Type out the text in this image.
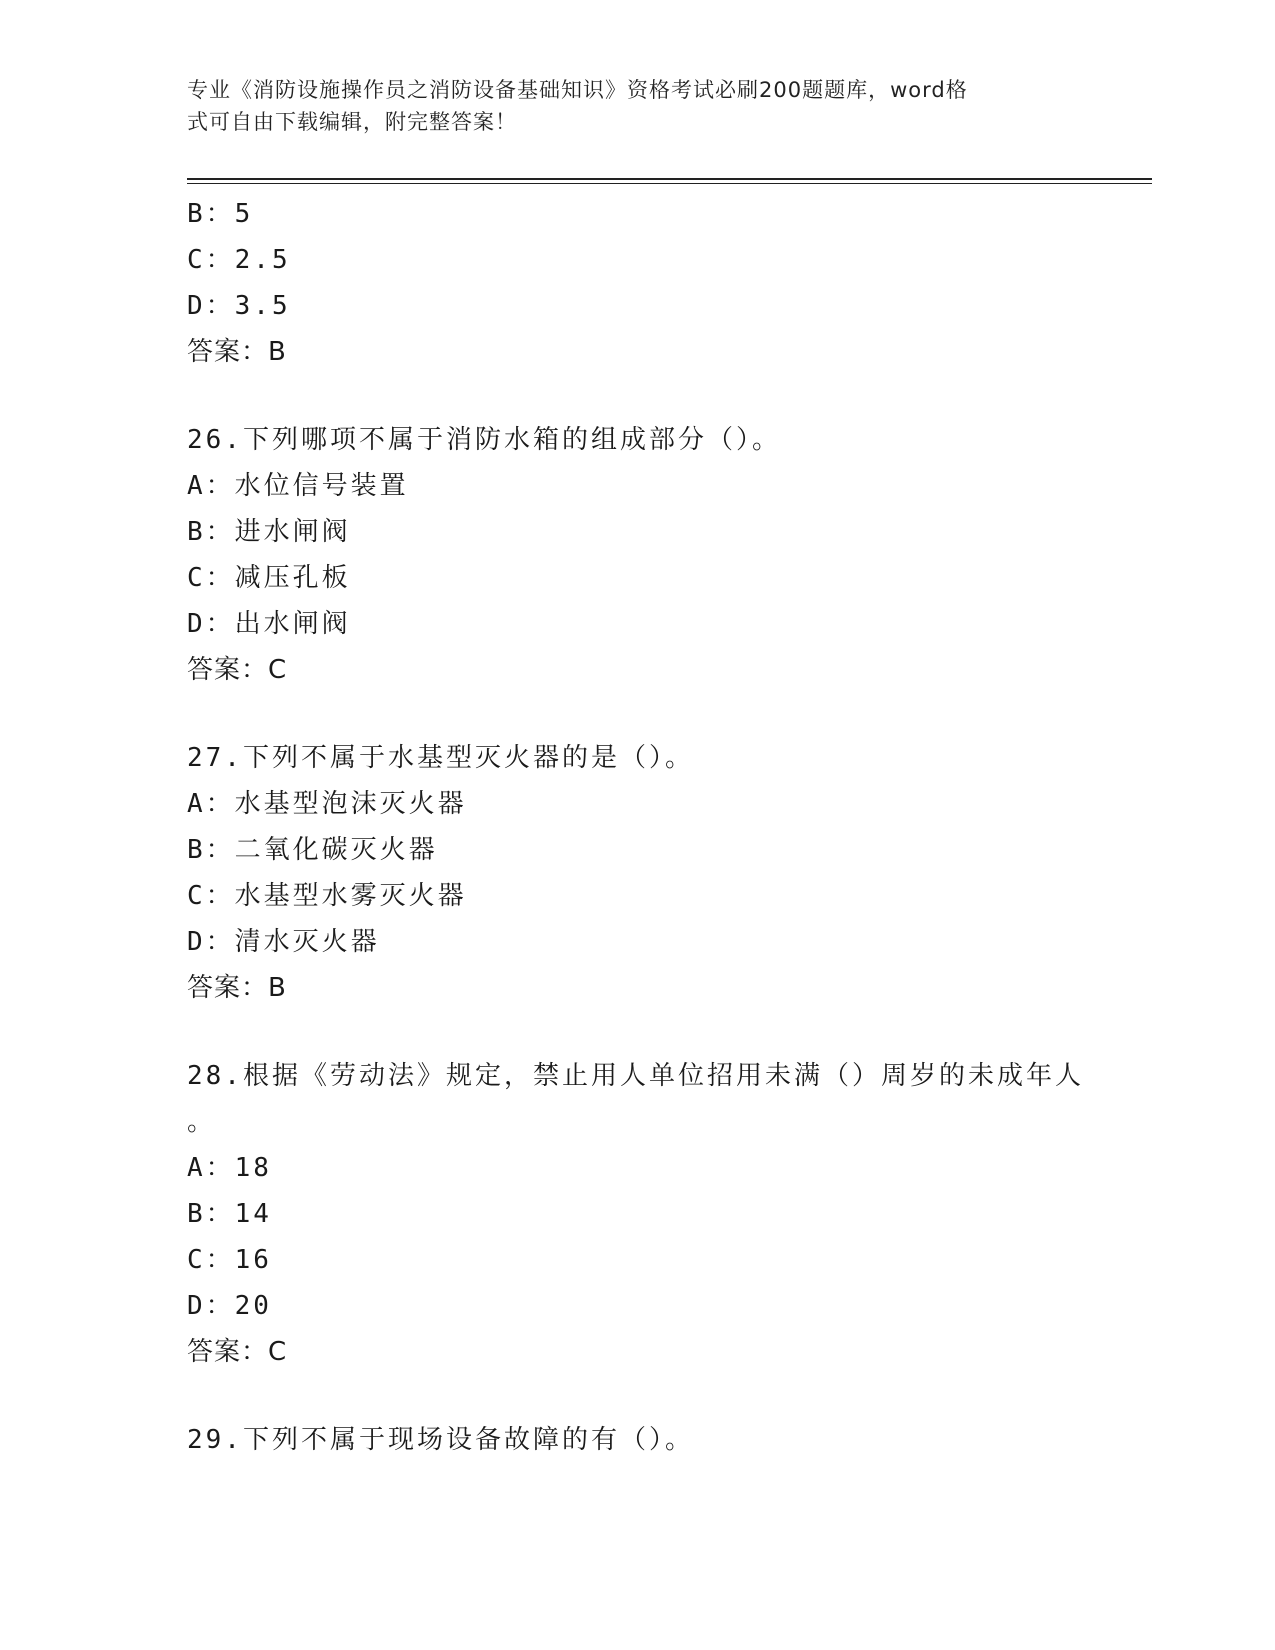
专业《消防设施操作员之消防设备基础知识》资格考试必刷200题题库，word格
式可自由下载编辑，附完整答案！
B：5
C：2.5
D：3.5
答案：B
26.下列哪项不属于消防水箱的组成部分（）。
A：水位信号装置
B：进水闸阀
C：减压孔板
D：出水闸阀
答案：C
27.下列不属于水基型灭火器的是（）。
A：水基型泡沫灭火器
B：二氧化碳灭火器
C：水基型水雾灭火器
D：清水灭火器
答案：B
28.根据《劳动法》规定，禁止用人单位招用未满（）周岁的未成年人
。
A：18
B：14
C：16
D：20
答案：C
29.下列不属于现场设备故障的有（）。
